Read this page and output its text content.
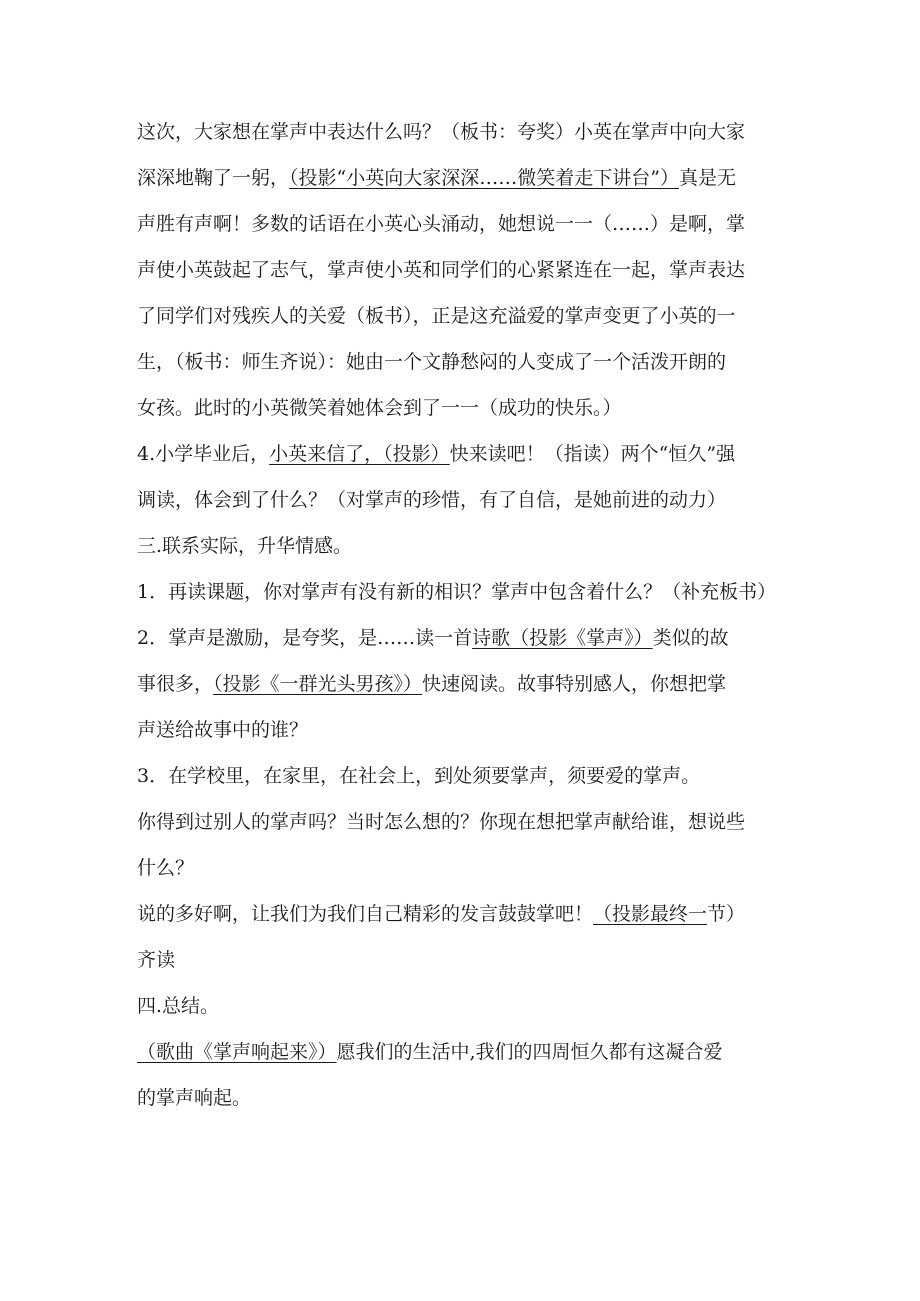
这次，大家想在掌声中表达什么吗？（板书：夸奖）小英在掌声中向大家
深深地鞠了一躬，（投影“小英向大家深深……微笑着走下讲台”）真是无
声胜有声啊！多数的话语在小英心头涌动，她想说一一（……）是啊，掌
声使小英鼓起了志气，掌声使小英和同学们的心紧紧连在一起，掌声表达
了同学们对残疾人的关爱（板书），正是这充溢爱的掌声变更了小英的一
生，（板书：师生齐说）：她由一个文静愁闷的人变成了一个活泼开朗的
女孩。此时的小英微笑着她体会到了一一（成功的快乐。）
4.小学毕业后，小英来信了，（投影）快来读吧！（指读）两个“恒久”强
调读，体会到了什么？（对掌声的珍惜，有了自信，是她前进的动力）
三.联系实际，升华情感。
1．再读课题，你对掌声有没有新的相识？掌声中包含着什么？（补充板书）
2．掌声是激励，是夸奖，是……读一首诗歌（投影《掌声》）类似的故
事很多，（投影《一群光头男孩》）快速阅读。故事特别感人，你想把掌
声送给故事中的谁？
3．在学校里，在家里，在社会上，到处须要掌声，须要爱的掌声。
你得到过别人的掌声吗？当时怎么想的？你现在想把掌声献给谁，想说些
什么？
说的多好啊，让我们为我们自己精彩的发言鼓鼓掌吧！（投影最终一节）
齐读
四.总结。
（歌曲《掌声响起来》）愿我们的生活中,我们的四周恒久都有这凝合爱
的掌声响起。
